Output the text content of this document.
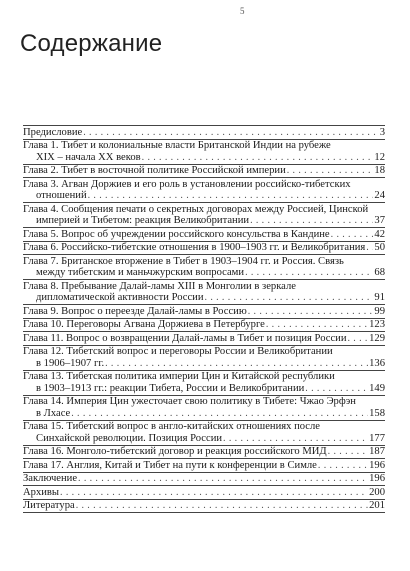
5
Содержание
Предисловие . . .	3
Глава 1. Тибет и колониальные власти Британской Индии на рубеже
XIX – начала XX веков . . .	12
Глава 2. Тибет в восточной политике Российской империи . . .	18
Глава 3. Агван Доржиев и его роль в установлении российско-тибетских
отношений . . .	24
Глава 4. Сообщения печати о секретных договорах между Россией, Цинской
империей и Тибетом: реакция Великобритании . . .	37
Глава 5. Вопрос об учреждении российского консульства в Кандине . . .	42
Глава 6. Российско-тибетские отношения в 1900–1903 гг. и Великобритания . . . 50
Глава 7. Британское вторжение в Тибет в 1903–1904 гг. и Россия. Связь
между тибетским и маньчжурским вопросами . . .	68
Глава 8. Пребывание Далай-ламы XIII в Монголии в зеркале
дипломатической активности России . . .	91
Глава 9. Вопрос о переезде Далай-ламы в Россию . . .	99
Глава 10. Переговоры Агвана Доржиева в Петербурге . . .	123
Глава 11. Вопрос о возвращении Далай-ламы в Тибет и позиция России . . . 129
Глава 12. Тибетский вопрос и переговоры России и Великобритании
в 1906–1907 гг. . . .	136
Глава 13. Тибетская политика империи Цин и Китайской республики
в 1903–1913 гг.: реакции Тибета, России и Великобритании . . .	149
Глава 14. Империя Цин ужесточает свою политику в Тибете: Чжао Эрфэн
в Лхасе . . .	158
Глава 15. Тибетский вопрос в англо-китайских отношениях после
Синхайской революции. Позиция России . . .	177
Глава 16. Монголо-тибетский договор и реакция российского МИД . . .	187
Глава 17. Англия, Китай и Тибет на пути к конференции в Симле . . .	196
Заключение . . .	196
Архивы . . .	200
Литература . . .	201
